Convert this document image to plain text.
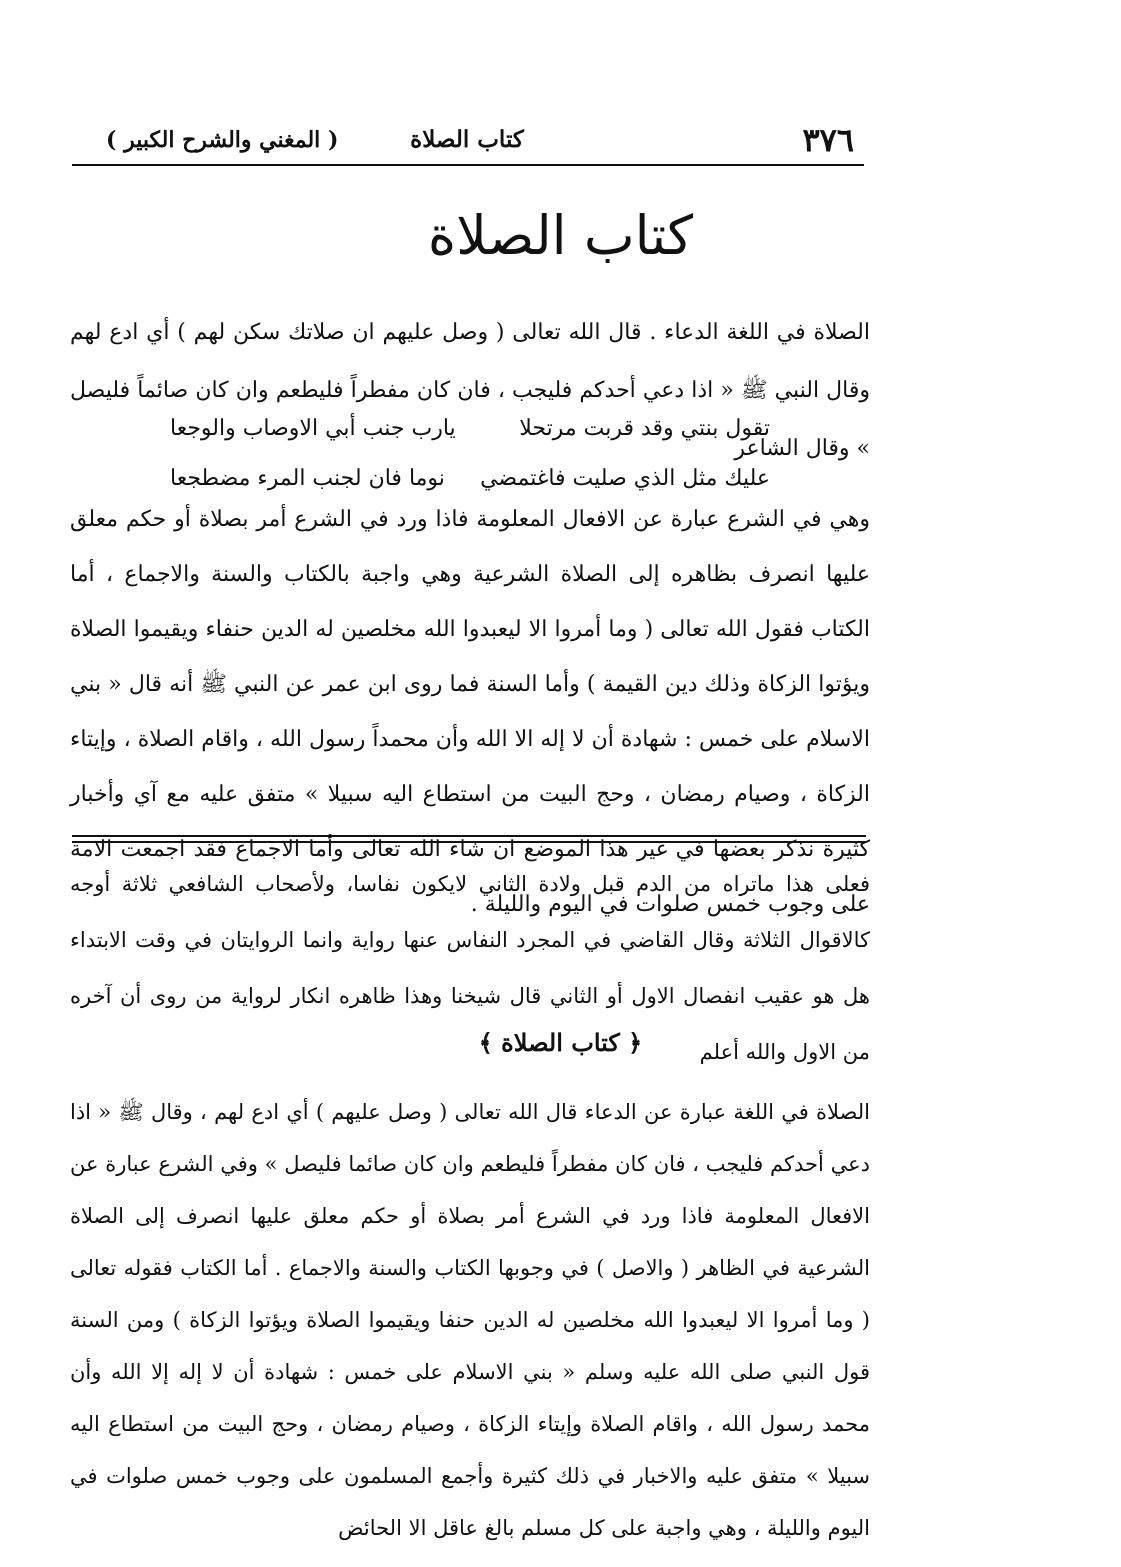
٣٧٦
كتاب الصلاة
( المغني والشرح الكبير )
كتاب الصلاة

الصلاة في اللغة الدعاء . قال الله تعالى ( وصل عليهم ان صلاتك سكن لهم ) أي ادع لهم وقال النبي ﷺ « اذا دعي أحدكم فليجب ، فان كان مفطراً فليطعم وان كان صائماً فليصل » وقال الشاعر

تقول بنتي وقد قربت مرتحلا
يارب جنب أبي الاوصاب والوجعا
عليك مثل الذي صليت فاغتمضي
نوما فان لجنب المرء مضطجعا

وهي في الشرع عبارة عن الافعال المعلومة فاذا ورد في الشرع أمر بصلاة أو حكم معلق عليها انصرف بظاهره إلى الصلاة الشرعية وهي واجبة بالكتاب والسنة والاجماع ، أما الكتاب فقول الله تعالى ( وما أمروا الا ليعبدوا الله مخلصين له الدين حنفاء ويقيموا الصلاة ويؤتوا الزكاة وذلك دين القيمة ) وأما السنة فما روى ابن عمر عن النبي ﷺ أنه قال « بني الاسلام على خمس : شهادة أن لا إله الا الله وأن محمداً رسول الله ، واقام الصلاة ، وإيتاء الزكاة ، وصيام رمضان ، وحج البيت من استطاع اليه سبيلا » متفق عليه مع آي وأخبار كثيرة نذكر بعضها في غير هذا الموضع ان شاء الله تعالى وأما الاجماع فقد اجمعت الامة على وجوب خمس صلوات في اليوم والليلة .

فعلى هذا ماتراه من الدم قبل ولادة الثاني لايكون نفاسا، ولأصحاب الشافعي ثلاثة أوجه كالاقوال الثلاثة وقال القاضي في المجرد النفاس عنها رواية وانما الروايتان في وقت الابتداء هل هو عقيب انفصال الاول أو الثاني قال شيخنا وهذا ظاهره انكار لرواية من روى أن آخره من الاول والله أعلم

﴿ كتاب الصلاة ﴾

الصلاة في اللغة عبارة عن الدعاء قال الله تعالى ( وصل عليهم ) أي ادع لهم ، وقال ﷺ « اذا دعي أحدكم فليجب ، فان كان مفطراً فليطعم وان كان صائما فليصل » وفي الشرع عبارة عن الافعال المعلومة فاذا ورد في الشرع أمر بصلاة أو حكم معلق عليها انصرف إلى الصلاة الشرعية في الظاهر ( والاصل ) في وجوبها الكتاب والسنة والاجماع . أما الكتاب فقوله تعالى ( وما أمروا الا ليعبدوا الله مخلصين له الدين حنفا ويقيموا الصلاة ويؤتوا الزكاة ) ومن السنة قول النبي صلى الله عليه وسلم « بني الاسلام على خمس : شهادة أن لا إله إلا الله وأن محمد رسول الله ، واقام الصلاة وإيتاء الزكاة ، وصيام رمضان ، وحج البيت من استطاع اليه سبيلا » متفق عليه والاخبار في ذلك كثيرة وأجمع المسلمون على وجوب خمس صلوات في اليوم والليلة ، وهي واجبة على كل مسلم بالغ عاقل الا الحائض
